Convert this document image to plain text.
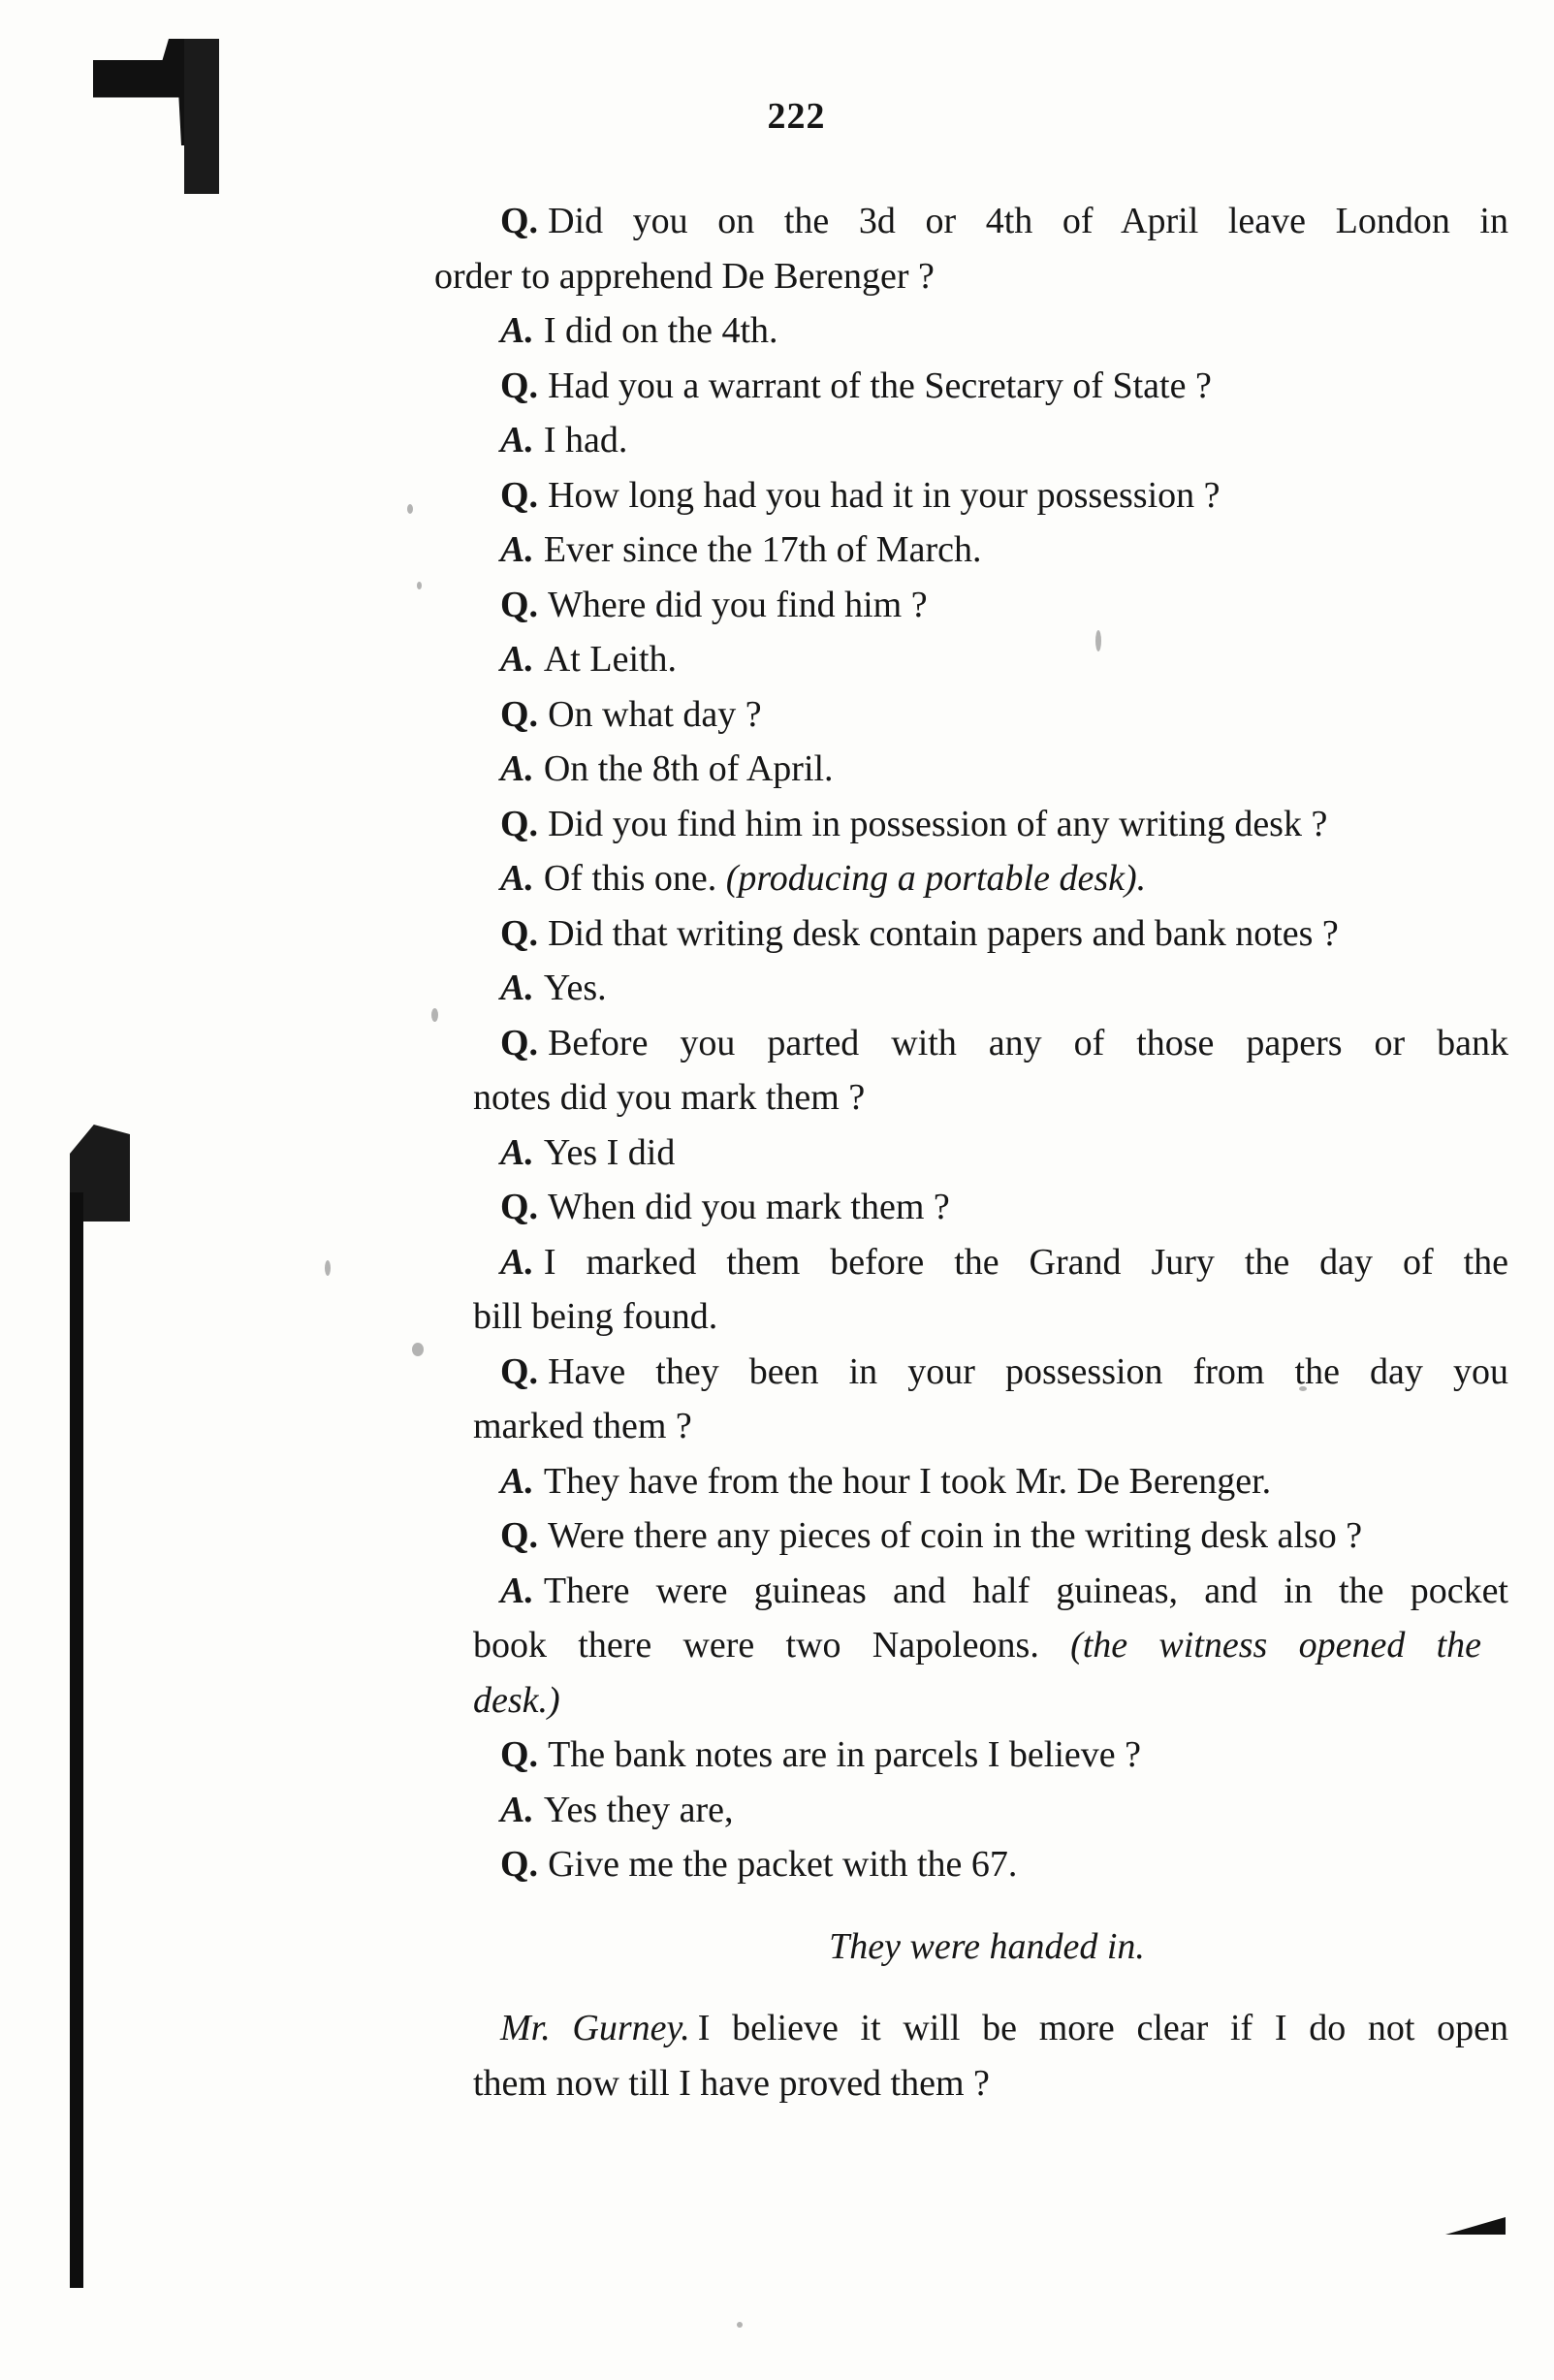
222
Q. Did you on the 3d or 4th of April leave London in
order to apprehend De Berenger ?
A. I did on the 4th.
Q. Had you a warrant of the Secretary of State ?
A. I had.
Q. How long had you had it in your possession ?
A. Ever since the 17th of March.
Q. Where did you find him ?
A. At Leith.
Q. On what day ?
A. On the 8th of April.
Q. Did you find him in possession of any writing desk ?
A. Of this one. (producing a portable desk).
Q. Did that writing desk contain papers and bank notes ?
A. Yes.
Q. Before you parted with any of those papers or bank
notes did you mark them ?
A. Yes I did
Q. When did you mark them ?
A. I marked them before the Grand Jury the day of the
bill being found.
Q. Have they been in your possession from the day you
marked them ?
A. They have from the hour I took Mr. De Berenger.
Q. Were there any pieces of coin in the writing desk also ?
A. There were guineas and half guineas, and in the pocket
book there were two Napoleons. (the witness opened the
desk.)
Q. The bank notes are in parcels I believe ?
A. Yes they are,
Q. Give me the packet with the 67.
They were handed in.
Mr. Gurney. I believe it will be more clear if I do not open
them now till I have proved them ?
